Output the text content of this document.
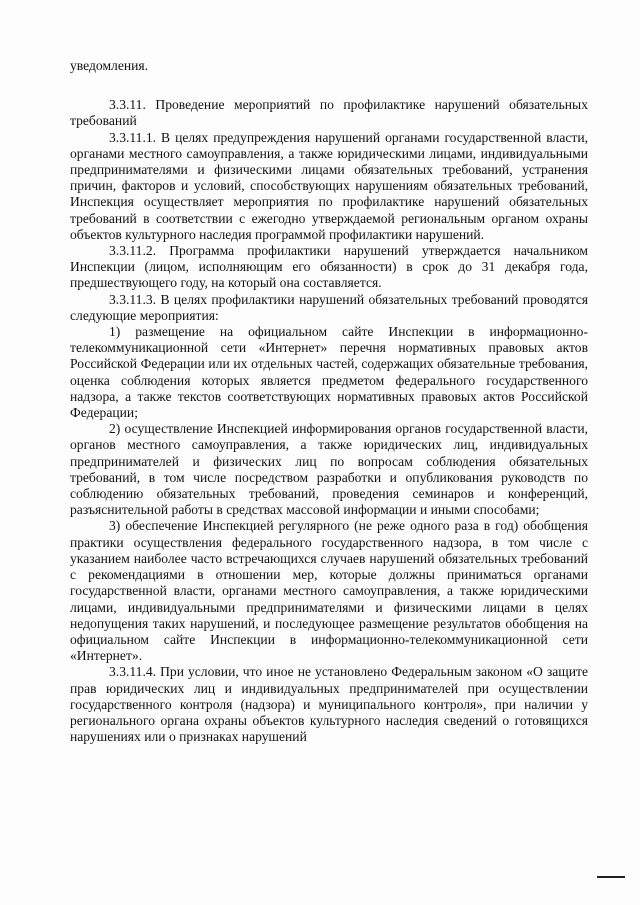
уведомления.

3.3.11. Проведение мероприятий по профилактике нарушений обязательных требований

3.3.11.1. В целях предупреждения нарушений органами государственной власти, органами местного самоуправления, а также юридическими лицами, индивидуальными предпринимателями и физическими лицами обязательных требований, устранения причин, факторов и условий, способствующих нарушениям обязательных требований, Инспекция осуществляет мероприятия по профилактике нарушений обязательных требований в соответствии с ежегодно утверждаемой региональным органом охраны объектов культурного наследия программой профилактики нарушений.

3.3.11.2. Программа профилактики нарушений утверждается начальником Инспекции (лицом, исполняющим его обязанности) в срок до 31 декабря года, предшествующего году, на который она составляется.

3.3.11.3. В целях профилактики нарушений обязательных требований проводятся следующие мероприятия:

1) размещение на официальном сайте Инспекции в информационно-телекоммуникационной сети «Интернет» перечня нормативных правовых актов Российской Федерации или их отдельных частей, содержащих обязательные требования, оценка соблюдения которых является предметом федерального государственного надзора, а также текстов соответствующих нормативных правовых актов Российской Федерации;

2) осуществление Инспекцией информирования органов государственной власти, органов местного самоуправления, а также юридических лиц, индивидуальных предпринимателей и физических лиц по вопросам соблюдения обязательных требований, в том числе посредством разработки и опубликования руководств по соблюдению обязательных требований, проведения семинаров и конференций, разъяснительной работы в средствах массовой информации и иными способами;

3) обеспечение Инспекцией регулярного (не реже одного раза в год) обобщения практики осуществления федерального государственного надзора, в том числе с указанием наиболее часто встречающихся случаев нарушений обязательных требований с рекомендациями в отношении мер, которые должны приниматься органами государственной власти, органами местного самоуправления, а также юридическими лицами, индивидуальными предпринимателями и физическими лицами в целях недопущения таких нарушений, и последующее размещение результатов обобщения на официальном сайте Инспекции в информационно-телекоммуникационной сети «Интернет».

3.3.11.4. При условии, что иное не установлено Федеральным законом «О защите прав юридических лиц и индивидуальных предпринимателей при осуществлении государственного контроля (надзора) и муниципального контроля», при наличии у регионального органа охраны объектов культурного наследия сведений о готовящихся нарушениях или о признаках нарушений
